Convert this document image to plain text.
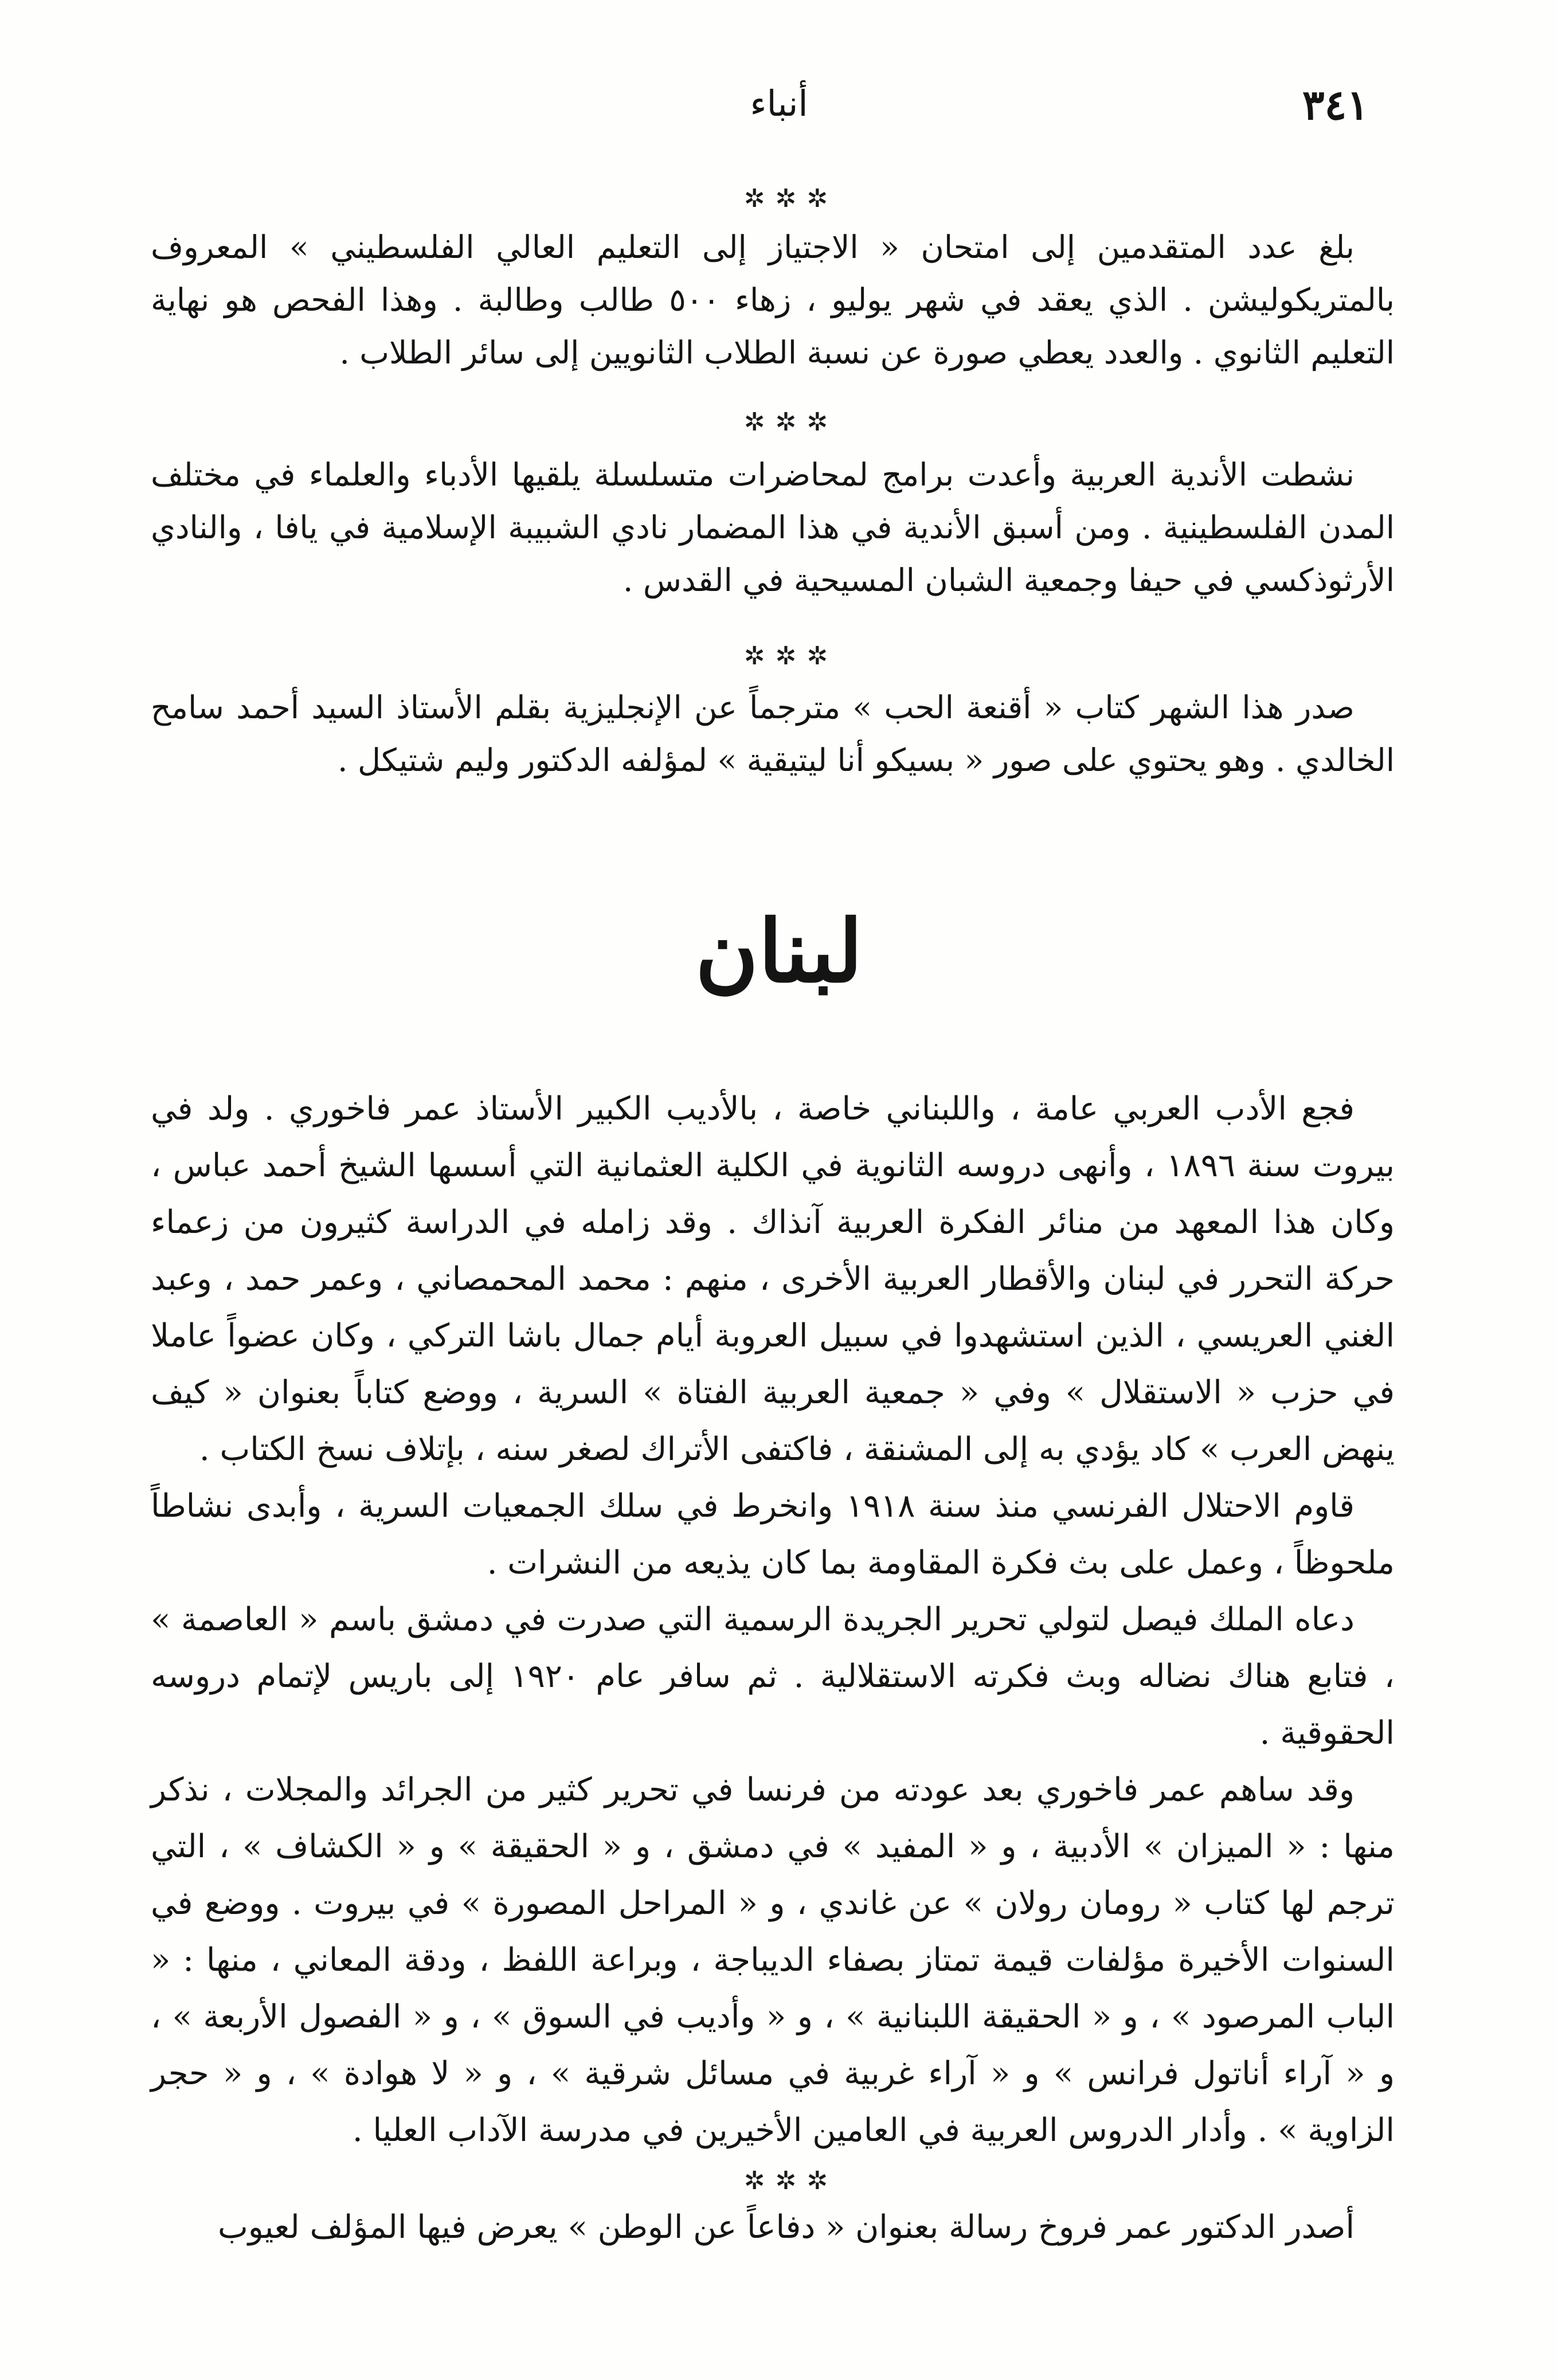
٣٤١
أنباء
✲✲✲

بلغ عدد المتقدمين إلى امتحان « الاجتياز إلى التعليم العالي الفلسطيني » المعروف بالمتريكوليشن . الذي يعقد في شهر يوليو ، زهاء ٥٠٠ طالب وطالبة . وهذا الفحص هو نهاية التعليم الثانوي . والعدد يعطي صورة عن نسبة الطلاب الثانويين إلى سائر الطلاب .

✲✲✲

نشطت الأندية العربية وأعدت برامج لمحاضرات متسلسلة يلقيها الأدباء والعلماء في مختلف المدن الفلسطينية . ومن أسبق الأندية في هذا المضمار نادي الشبيبة الإسلامية في يافا ، والنادي الأرثوذكسي في حيفا وجمعية الشبان المسيحية في القدس .

✲✲✲

صدر هذا الشهر كتاب « أقنعة الحب » مترجماً عن الإنجليزية بقلم الأستاذ السيد أحمد سامح الخالدي . وهو يحتوي على صور « بسيكو أنا ليتيقية » لمؤلفه الدكتور وليم شتيكل .

لبنان

فجع الأدب العربي عامة ، واللبناني خاصة ، بالأديب الكبير الأستاذ عمر فاخوري . ولد في بيروت سنة ١٨٩٦ ، وأنهى دروسه الثانوية في الكلية العثمانية التي أسسها الشيخ أحمد عباس ، وكان هذا المعهد من منائر الفكرة العربية آنذاك . وقد زامله في الدراسة كثيرون من زعماء حركة التحرر في لبنان والأقطار العربية الأخرى ، منهم : محمد المحمصاني ، وعمر حمد ، وعبد الغني العريسي ، الذين استشهدوا في سبيل العروبة أيام جمال باشا التركي ، وكان عضواً عاملا في حزب « الاستقلال » وفي « جمعية العربية الفتاة » السرية ، ووضع كتاباً بعنوان « كيف ينهض العرب » كاد يؤدي به إلى المشنقة ، فاكتفى الأتراك لصغر سنه ، بإتلاف نسخ الكتاب .

قاوم الاحتلال الفرنسي منذ سنة ١٩١٨ وانخرط في سلك الجمعيات السرية ، وأبدى نشاطاً ملحوظاً ، وعمل على بث فكرة المقاومة بما كان يذيعه من النشرات .

دعاه الملك فيصل لتولي تحرير الجريدة الرسمية التي صدرت في دمشق باسم « العاصمة » ، فتابع هناك نضاله وبث فكرته الاستقلالية . ثم سافر عام ١٩٢٠ إلى باريس لإتمام دروسه الحقوقية .

وقد ساهم عمر فاخوري بعد عودته من فرنسا في تحرير كثير من الجرائد والمجلات ، نذكر منها : « الميزان » الأدبية ، و « المفيد » في دمشق ، و « الحقيقة » و « الكشاف » ، التي ترجم لها كتاب « رومان رولان » عن غاندي ، و « المراحل المصورة » في بيروت . ووضع في السنوات الأخيرة مؤلفات قيمة تمتاز بصفاء الديباجة ، وبراعة اللفظ ، ودقة المعاني ، منها : « الباب المرصود » ، و « الحقيقة اللبنانية » ، و « وأديب في السوق » ، و « الفصول الأربعة » ، و « آراء أناتول فرانس » و « آراء غربية في مسائل شرقية » ، و « لا هوادة » ، و « حجر الزاوية » . وأدار الدروس العربية في العامين الأخيرين في مدرسة الآداب العليا .

✲✲✲

أصدر الدكتور عمر فروخ رسالة بعنوان « دفاعاً عن الوطن » يعرض فيها المؤلف لعيوب
